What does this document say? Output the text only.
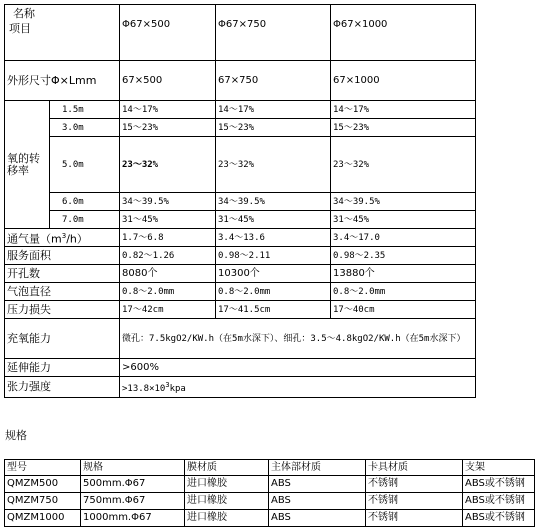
名称
项目		Φ67×500	Φ67×750	Φ67×1000
外形尺寸Φ×Lmm		67×500	67×750	67×1000
氧的转移率	1.5m	14～17%	14～17%	14～17%
	3.0m	15～23%	15～23%	15～23%
	5.0m	23～32%	23～32%	23～32%
	6.0m	34～39.5%	34～39.5%	34～39.5%
	7.0m	31～45%	31～45%	31～45%
通气量$(m^3/h)$		1.7～6.8	3.4～13.6	3.4～17.0
服务面积		0.82～1.26	0.98～2.11	0.98～2.35
开孔数		8080个	10300个	13880个
气泡直径		0.8～2.0mm	0.8～2.0mm	0.8～2.0mm
压力损失		17～42cm	17～41.5cm	17～40cm
充氧能力		微孔：7.5kgO2/KW.h（在5m水深下）、细孔：3.5～4.8kgO2/KW.h（在5m水深下）		
延伸能力		>600%		
张力强度		$>13.8\times 10^3kpa$		
规格
型号	规格	膜材质	主体部材质	卡具材质	支架
QMZM500	500mm.Φ67	进口橡胶	ABS	不锈钢	ABS或不锈钢
QMZM750	750mm.Φ67	进口橡胶	ABS	不锈钢	ABS或不锈钢
QMZM1000	1000mm.Φ67	进口橡胶	ABS	不锈钢	ABS或不锈钢
